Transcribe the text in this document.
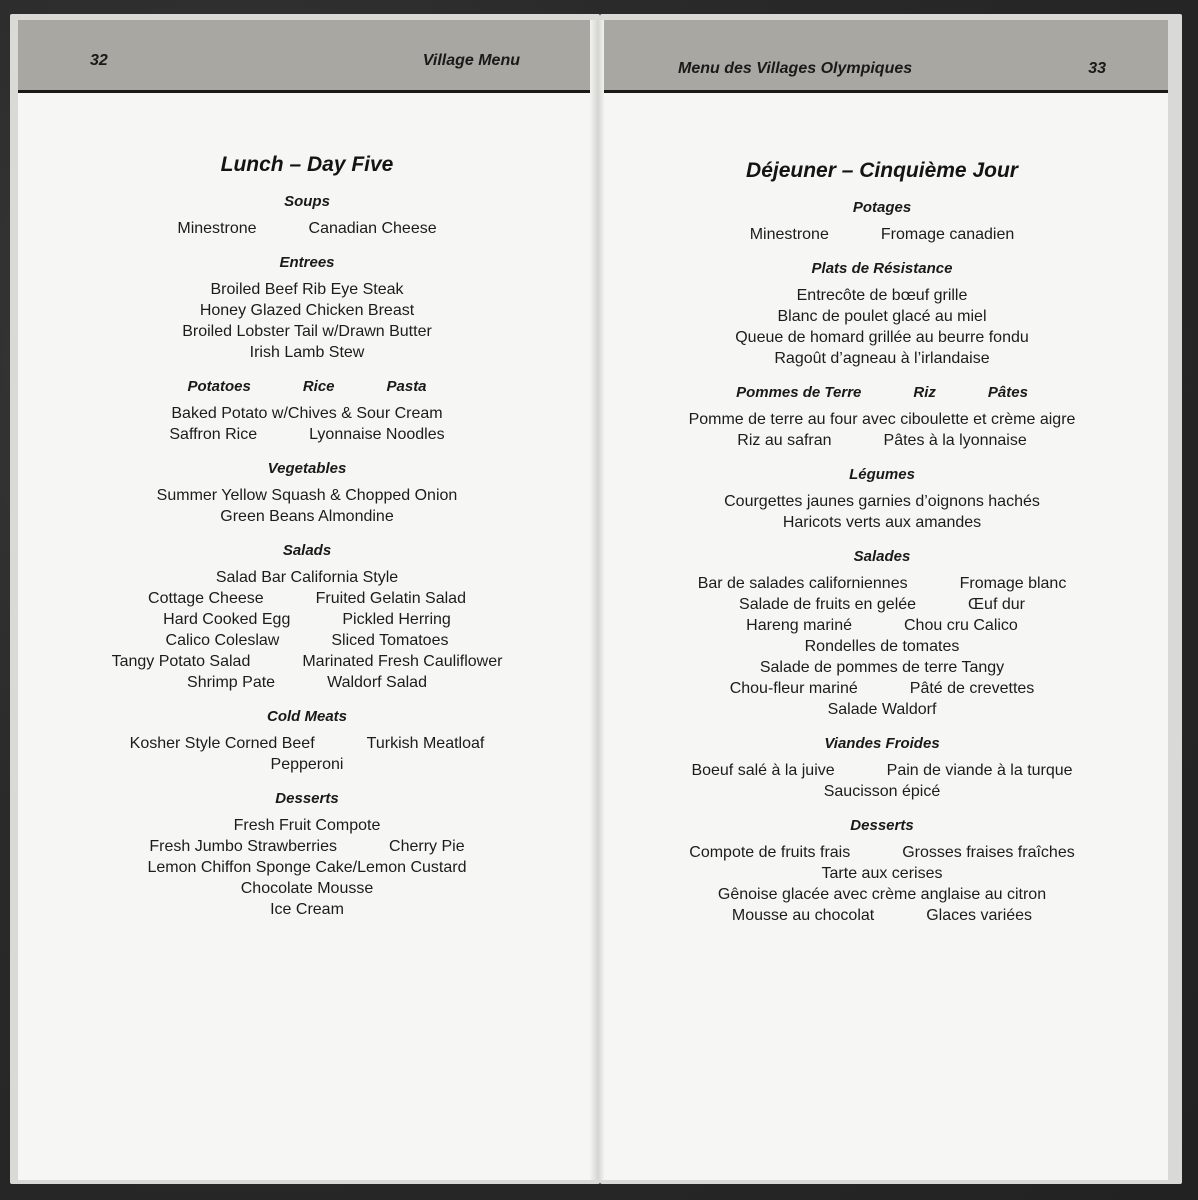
32	Village Menu
Lunch – Day Five
Soups
Minestrone	Canadian Cheese
Entrees
Broiled Beef Rib Eye Steak
Honey Glazed Chicken Breast
Broiled Lobster Tail w/Drawn Butter
Irish Lamb Stew
Potatoes	Rice	Pasta
Baked Potato w/Chives & Sour Cream
Saffron Rice	Lyonnaise Noodles
Vegetables
Summer Yellow Squash & Chopped Onion
Green Beans Almondine
Salads
Salad Bar California Style
Cottage Cheese	Fruited Gelatin Salad
Hard Cooked Egg	Pickled Herring
Calico Coleslaw	Sliced Tomatoes
Tangy Potato Salad	Marinated Fresh Cauliflower
Shrimp Pate	Waldorf Salad
Cold Meats
Kosher Style Corned Beef	Turkish Meatloaf
Pepperoni
Desserts
Fresh Fruit Compote
Fresh Jumbo Strawberries	Cherry Pie
Lemon Chiffon Sponge Cake/Lemon Custard
Chocolate Mousse
Ice Cream
Menu des Villages Olympiques	33
Déjeuner – Cinquième Jour
Potages
Minestrone	Fromage canadien
Plats de Résistance
Entrecôte de bœuf grille
Blanc de poulet glacé au miel
Queue de homard grillée au beurre fondu
Ragoût d’agneau à l’irlandaise
Pommes de Terre	Riz	Pâtes
Pomme de terre au four avec ciboulette et crème aigre
Riz au safran	Pâtes à la lyonnaise
Légumes
Courgettes jaunes garnies d’oignons hachés
Haricots verts aux amandes
Salades
Bar de salades californiennes	Fromage blanc
Salade de fruits en gelée	Œuf dur
Hareng mariné	Chou cru Calico
Rondelles de tomates
Salade de pommes de terre Tangy
Chou-fleur mariné	Pâté de crevettes
Salade Waldorf
Viandes Froides
Boeuf salé à la juive	Pain de viande à la turque
Saucisson épicé
Desserts
Compote de fruits frais	Grosses fraises fraîches
Tarte aux cerises
Gênoise glacée avec crème anglaise au citron
Mousse au chocolat	Glaces variées
